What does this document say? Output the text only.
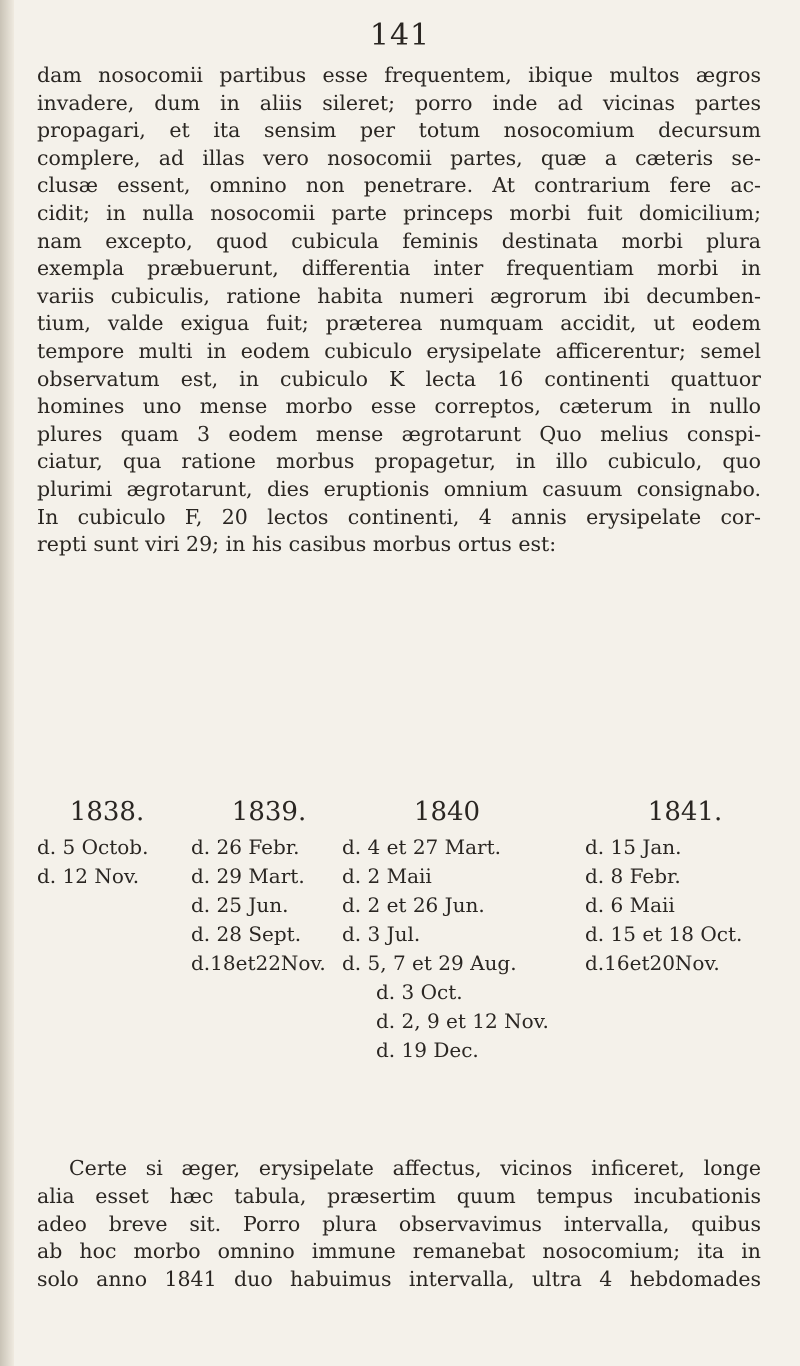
141
dam nosocomii partibus esse frequentem, ibique multos ægros
invadere, dum in aliis sileret; porro inde ad vicinas partes
propagari, et ita sensim per totum nosocomium decursum
complere, ad illas vero nosocomii partes, quæ a cæteris se-
clusæ essent, omnino non penetrare. At contrarium fere ac-
cidit; in nulla nosocomii parte princeps morbi fuit domicilium;
nam excepto, quod cubicula feminis destinata morbi plura
exempla præbuerunt, differentia inter frequentiam morbi in
variis cubiculis, ratione habita numeri ægrorum ibi decumben-
tium, valde exigua fuit; præterea numquam accidit, ut eodem
tempore multi in eodem cubiculo erysipelate afficerentur; semel
observatum est, in cubiculo K lecta 16 continenti quattuor
homines uno mense morbo esse correptos, cæterum in nullo
plures quam 3 eodem mense ægrotarunt Quo melius conspi-
ciatur, qua ratione morbus propagetur, in illo cubiculo, quo
plurimi ægrotarunt, dies eruptionis omnium casuum consignabo.
In cubiculo F, 20 lectos continenti, 4 annis erysipelate cor-
repti sunt viri 29; in his casibus morbus ortus est:
1838.
d. 5 Octob.
d. 12 Nov.
1839.
d. 26 Febr.
d. 29 Mart.
d. 25 Jun.
d. 28 Sept.
d.18et22Nov.
1840
d. 4 et 27 Mart.
d. 2 Maii
d. 2 et 26 Jun.
d. 3 Jul.
d. 5, 7 et 29 Aug.
d. 3 Oct.
d. 2, 9 et 12 Nov.
d. 19 Dec.
1841.
d. 15 Jan.
d. 8 Febr.
d. 6 Maii
d. 15 et 18 Oct.
d.16et20Nov.
Certe si æger, erysipelate affectus, vicinos inficeret, longe
alia esset hæc tabula, præsertim quum tempus incubationis
adeo breve sit. Porro plura observavimus intervalla, quibus
ab hoc morbo omnino immune remanebat nosocomium; ita in
solo anno 1841 duo habuimus intervalla, ultra 4 hebdomades
